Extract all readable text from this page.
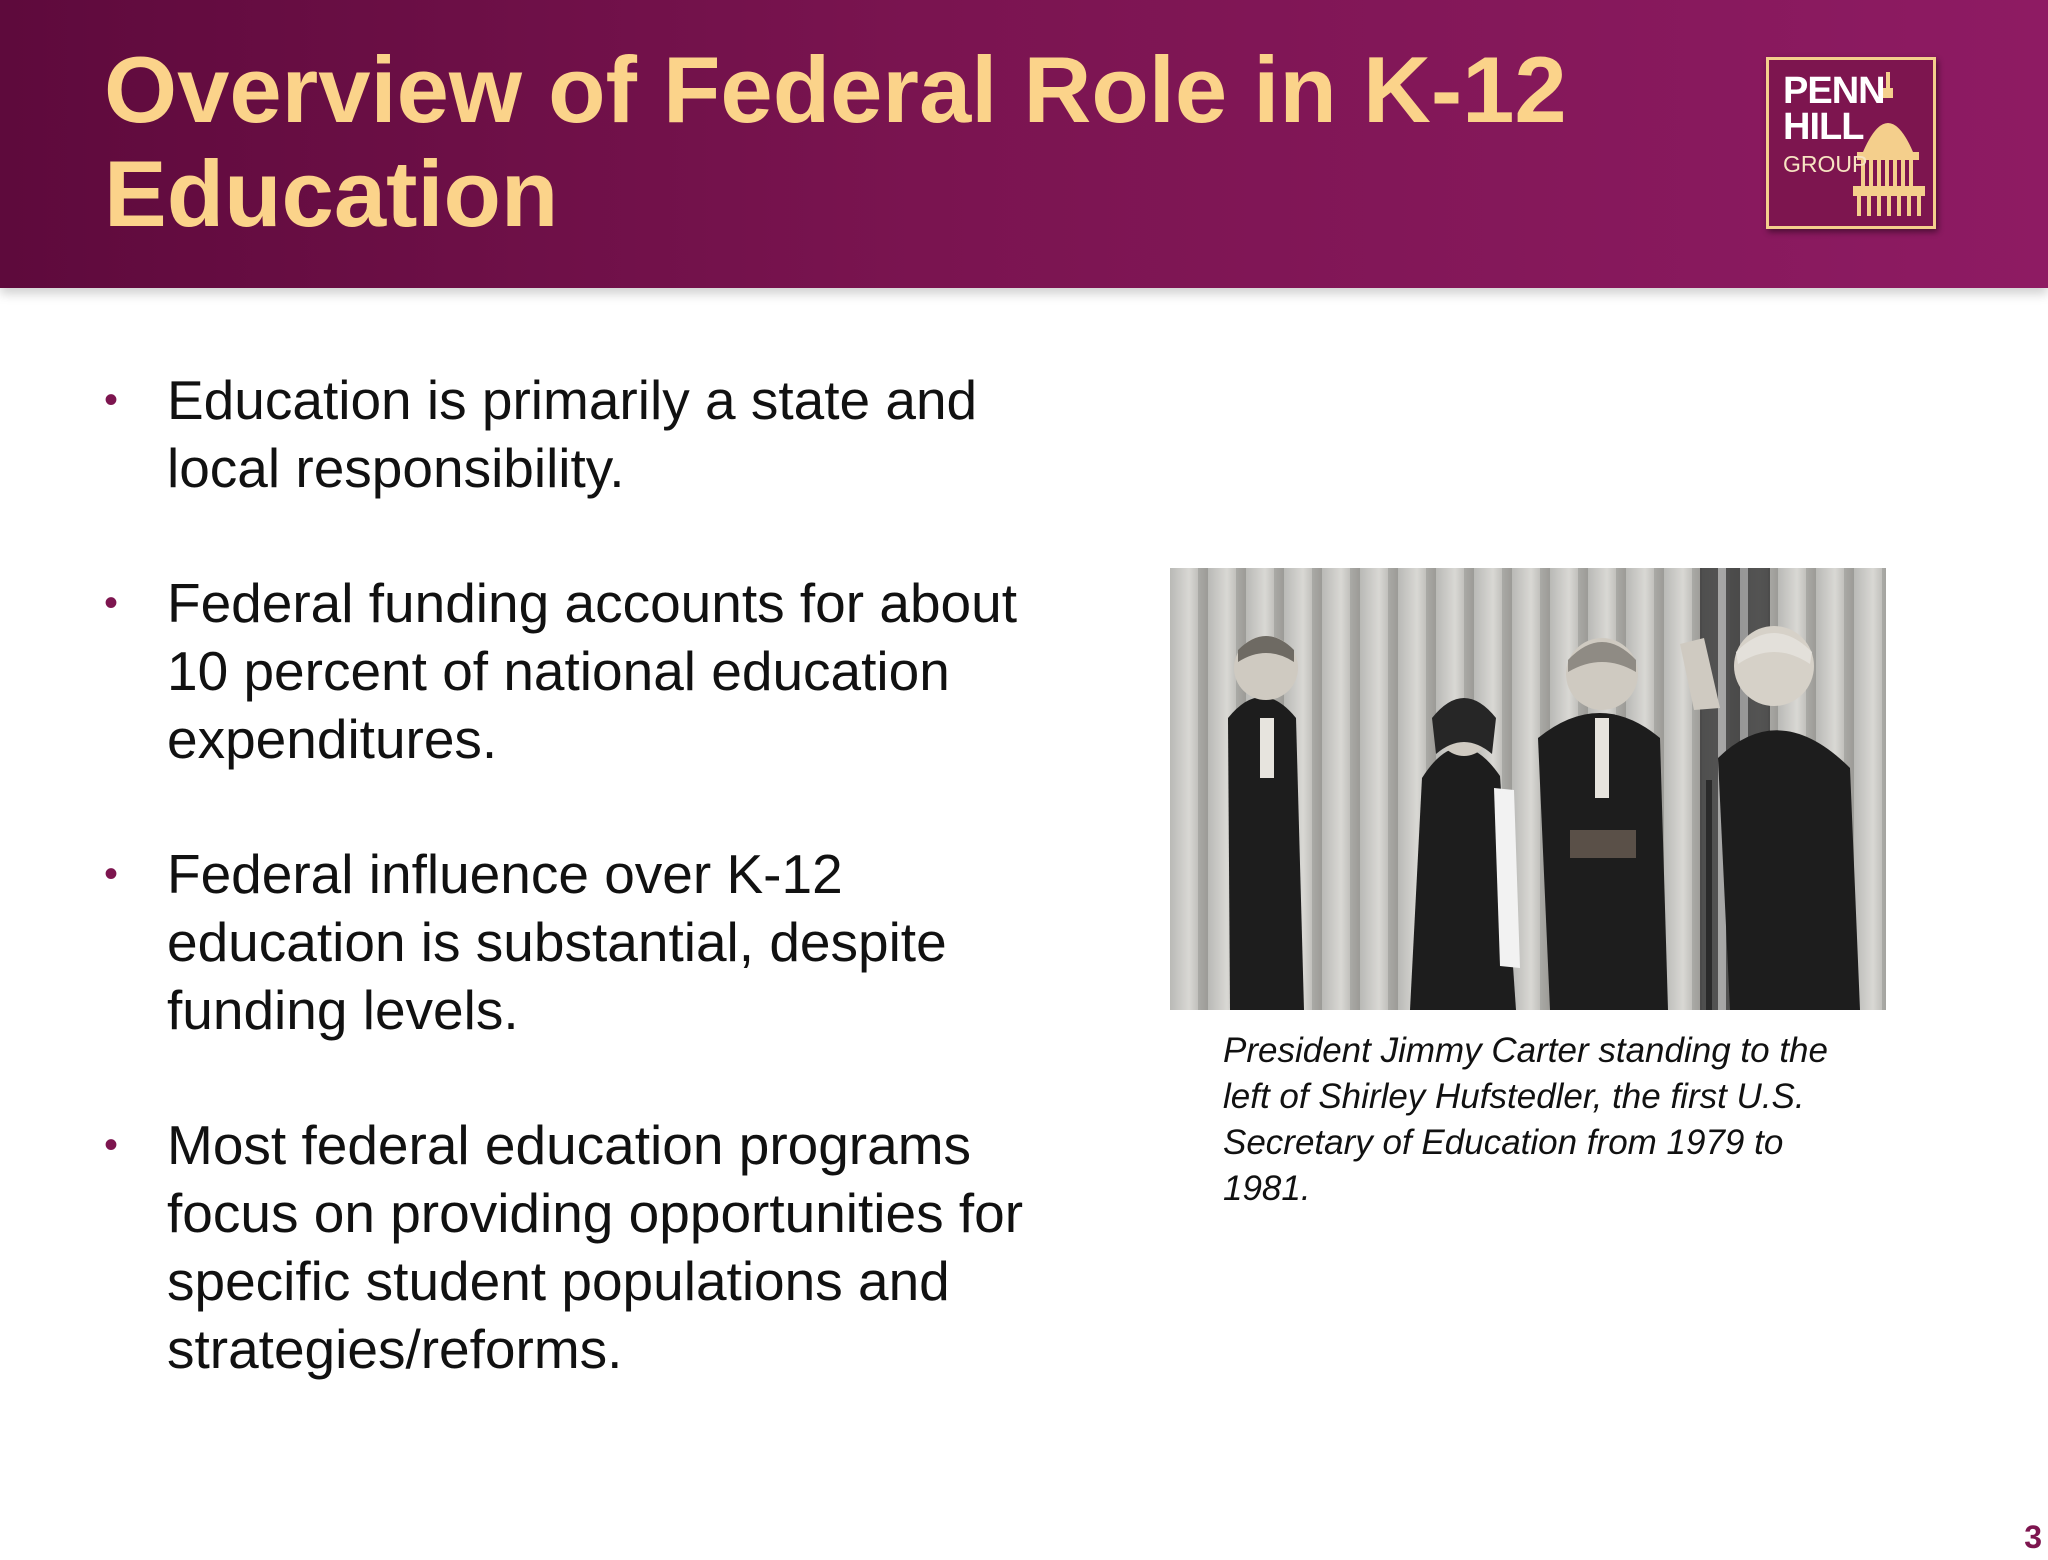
Overview of Federal Role in K-12 Education
PENN
HILL
GROUP
• Education is primarily a state and local responsibility.
• Federal funding accounts for about 10 percent of national education expenditures.
• Federal influence over K-12 education is substantial, despite funding levels.
• Most federal education programs focus on providing opportunities for specific student populations and strategies/reforms.

President Jimmy Carter standing to the left of Shirley Hufstedler, the first U.S. Secretary of Education from 1979 to 1981.

3
